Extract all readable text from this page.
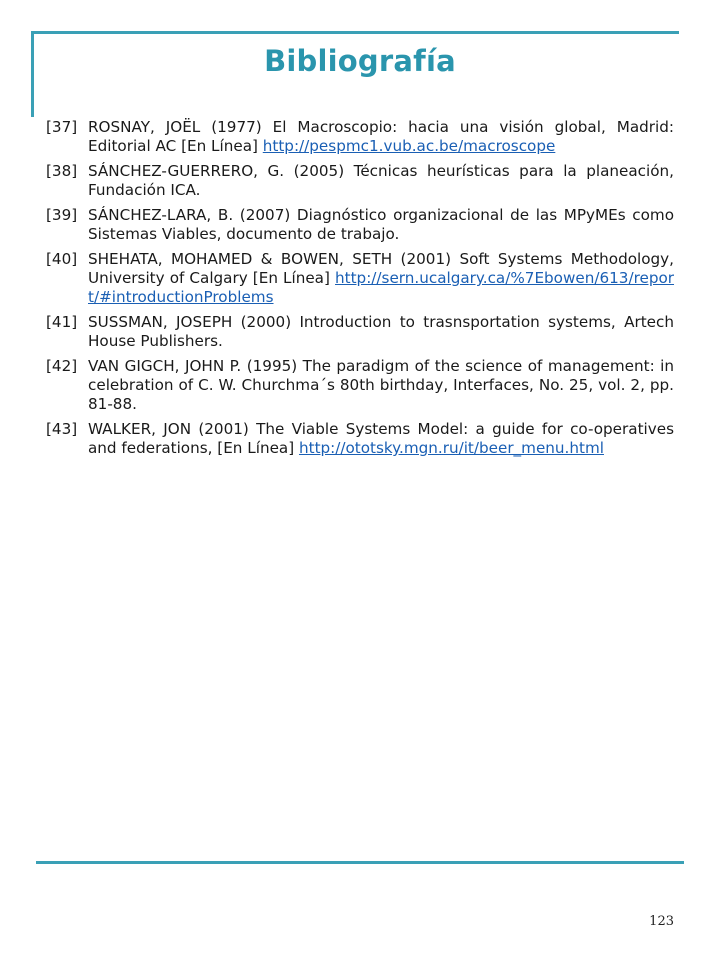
Bibliografía
[37] ROSNAY, JOËL (1977) El Macroscopio: hacia una visión global, Madrid: Editorial AC [En Línea] http://pespmc1.vub.ac.be/macroscope
[38] SÁNCHEZ-GUERRERO, G. (2005) Técnicas heurísticas para la planeación, Fundación ICA.
[39] SÁNCHEZ-LARA, B. (2007) Diagnóstico organizacional de las MPyMEs como Sistemas Viables, documento de trabajo.
[40] SHEHATA, MOHAMED & BOWEN, SETH (2001) Soft Systems Methodology, University of Calgary [En Línea] http://sern.ucalgary.ca/%7Ebowen/613/report/#introductionProblems
[41] SUSSMAN, JOSEPH (2000) Introduction to trasnsportation systems, Artech House Publishers.
[42] VAN GIGCH, JOHN P. (1995) The paradigm of the science of management: in celebration of C. W. Churchma´s 80th birthday, Interfaces, No. 25, vol. 2, pp. 81-88.
[43] WALKER, JON (2001) The Viable Systems Model: a guide for co-operatives and federations, [En Línea] http://ototsky.mgn.ru/it/beer_menu.html
123
